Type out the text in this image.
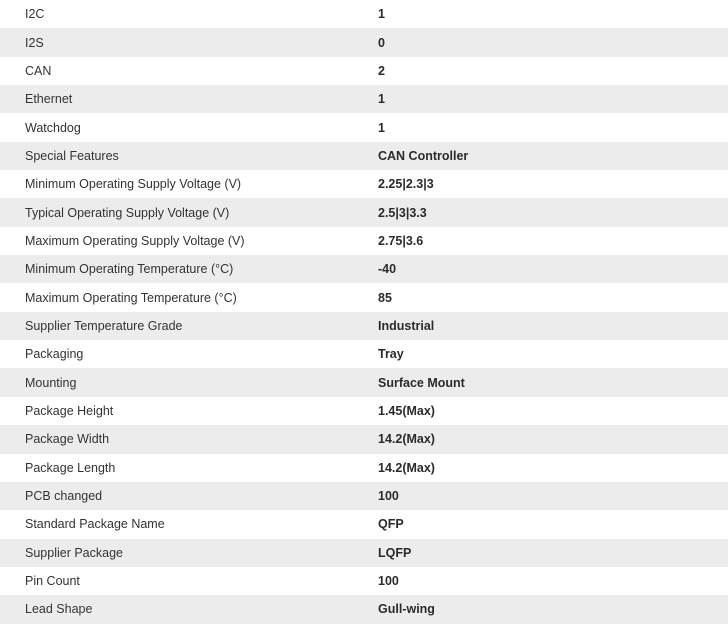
I2C	1
I2S	0
CAN	2
Ethernet	1
Watchdog	1
Special Features	CAN Controller
Minimum Operating Supply Voltage (V)	2.25|2.3|3
Typical Operating Supply Voltage (V)	2.5|3|3.3
Maximum Operating Supply Voltage (V)	2.75|3.6
Minimum Operating Temperature (°C)	-40
Maximum Operating Temperature (°C)	85
Supplier Temperature Grade	Industrial
Packaging	Tray
Mounting	Surface Mount
Package Height	1.45(Max)
Package Width	14.2(Max)
Package Length	14.2(Max)
PCB changed	100
Standard Package Name	QFP
Supplier Package	LQFP
Pin Count	100
Lead Shape	Gull-wing
